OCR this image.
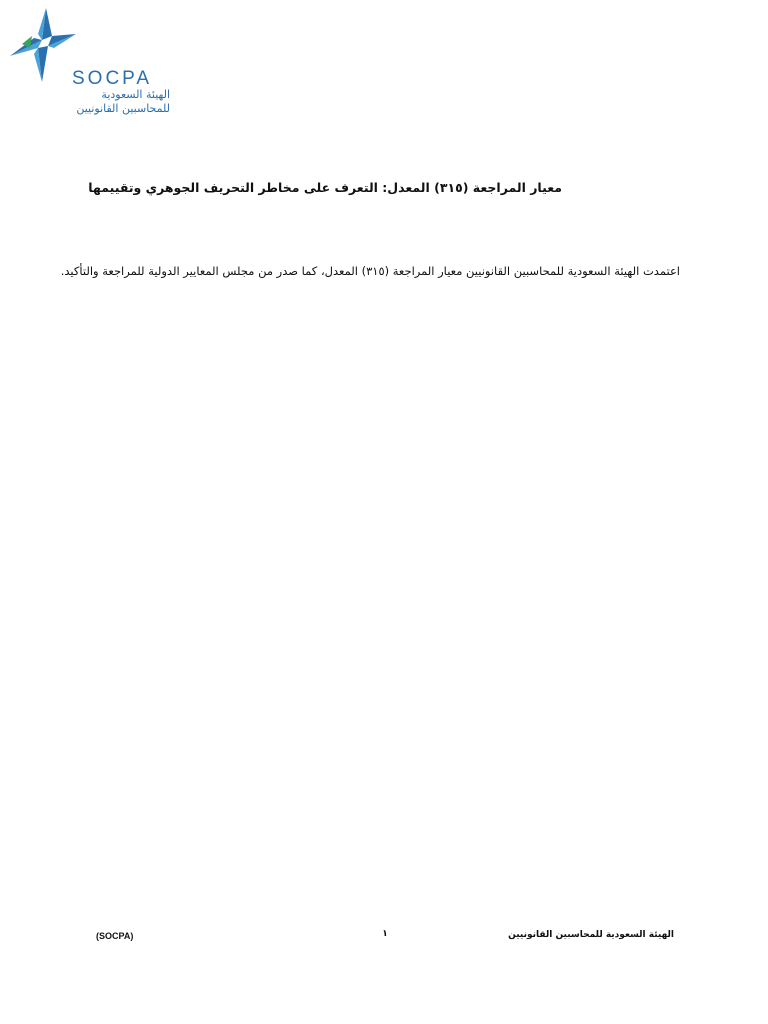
SOCPA
الهيئة السعودية
للمحاسبين القانونيين
معيار المراجعة (٣١٥) المعدل: التعرف على مخاطر التحريف الجوهري وتقييمها
اعتمدت الهيئة السعودية للمحاسبين القانونيين معيار المراجعة (٣١٥) المعدل، كما صدر من مجلس المعايير الدولية للمراجعة والتأكيد.
(SOCPA)	١	الهيئة السعودية للمحاسبين القانونيين
